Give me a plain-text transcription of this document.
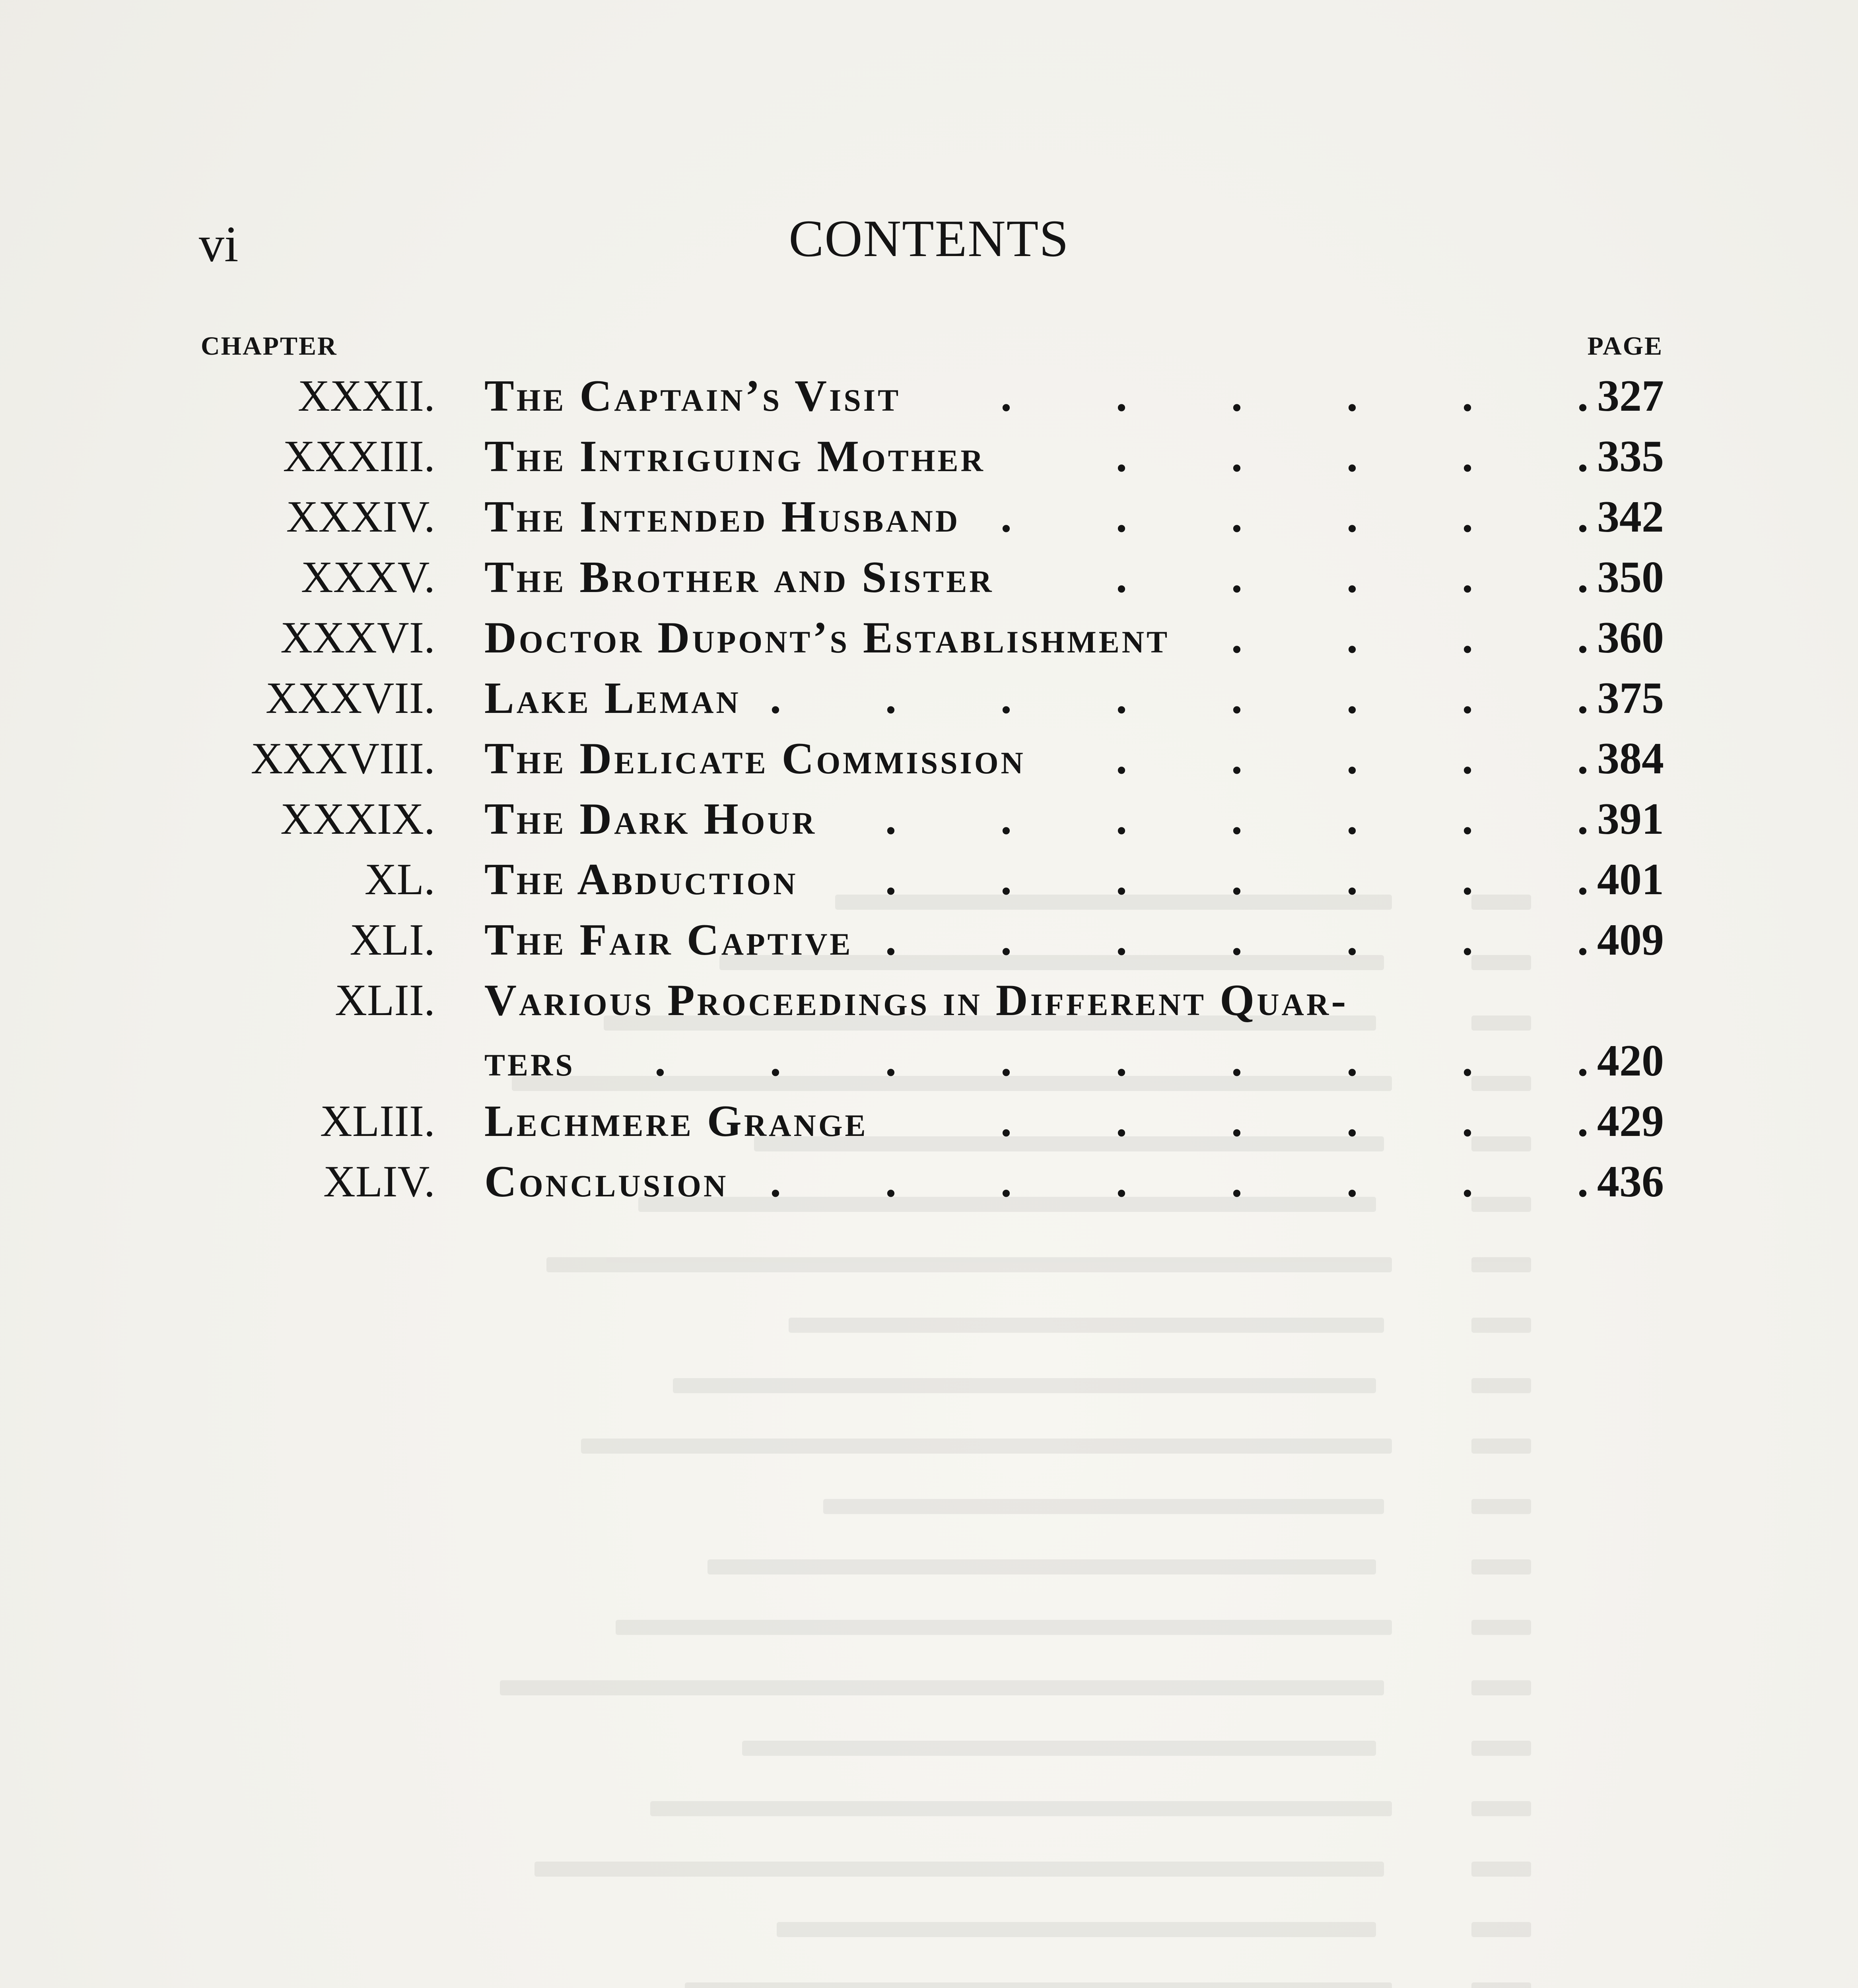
vi	CONTENTS
CHAPTER	PAGE
XXXII. The Captain’s Visit . . . . . . 327
XXXIII. The Intriguing Mother	. . . . . 335
XXXIV. The Intended Husband . . . . . . 342
XXXV. The Brother and Sister	. . . . . 350
XXXVI. Doctor Dupont’s Establishment . . . . 360
XXXVII. Lake Leman . . . . . . . . 375
XXXVIII. The Delicate Commission . . . . . 384
XXXIX. The Dark Hour . . . . . . . 391
XL. The Abduction . . . . . . . 401
XLI. The Fair Captive . . . . . . . 409
XLII. Various Proceedings in Different Quar-
ters . . . . . . . . . 420
XLIII. Lechmere Grange	. . . . . . 429
XLIV. Conclusion . . . . . . . . 436
